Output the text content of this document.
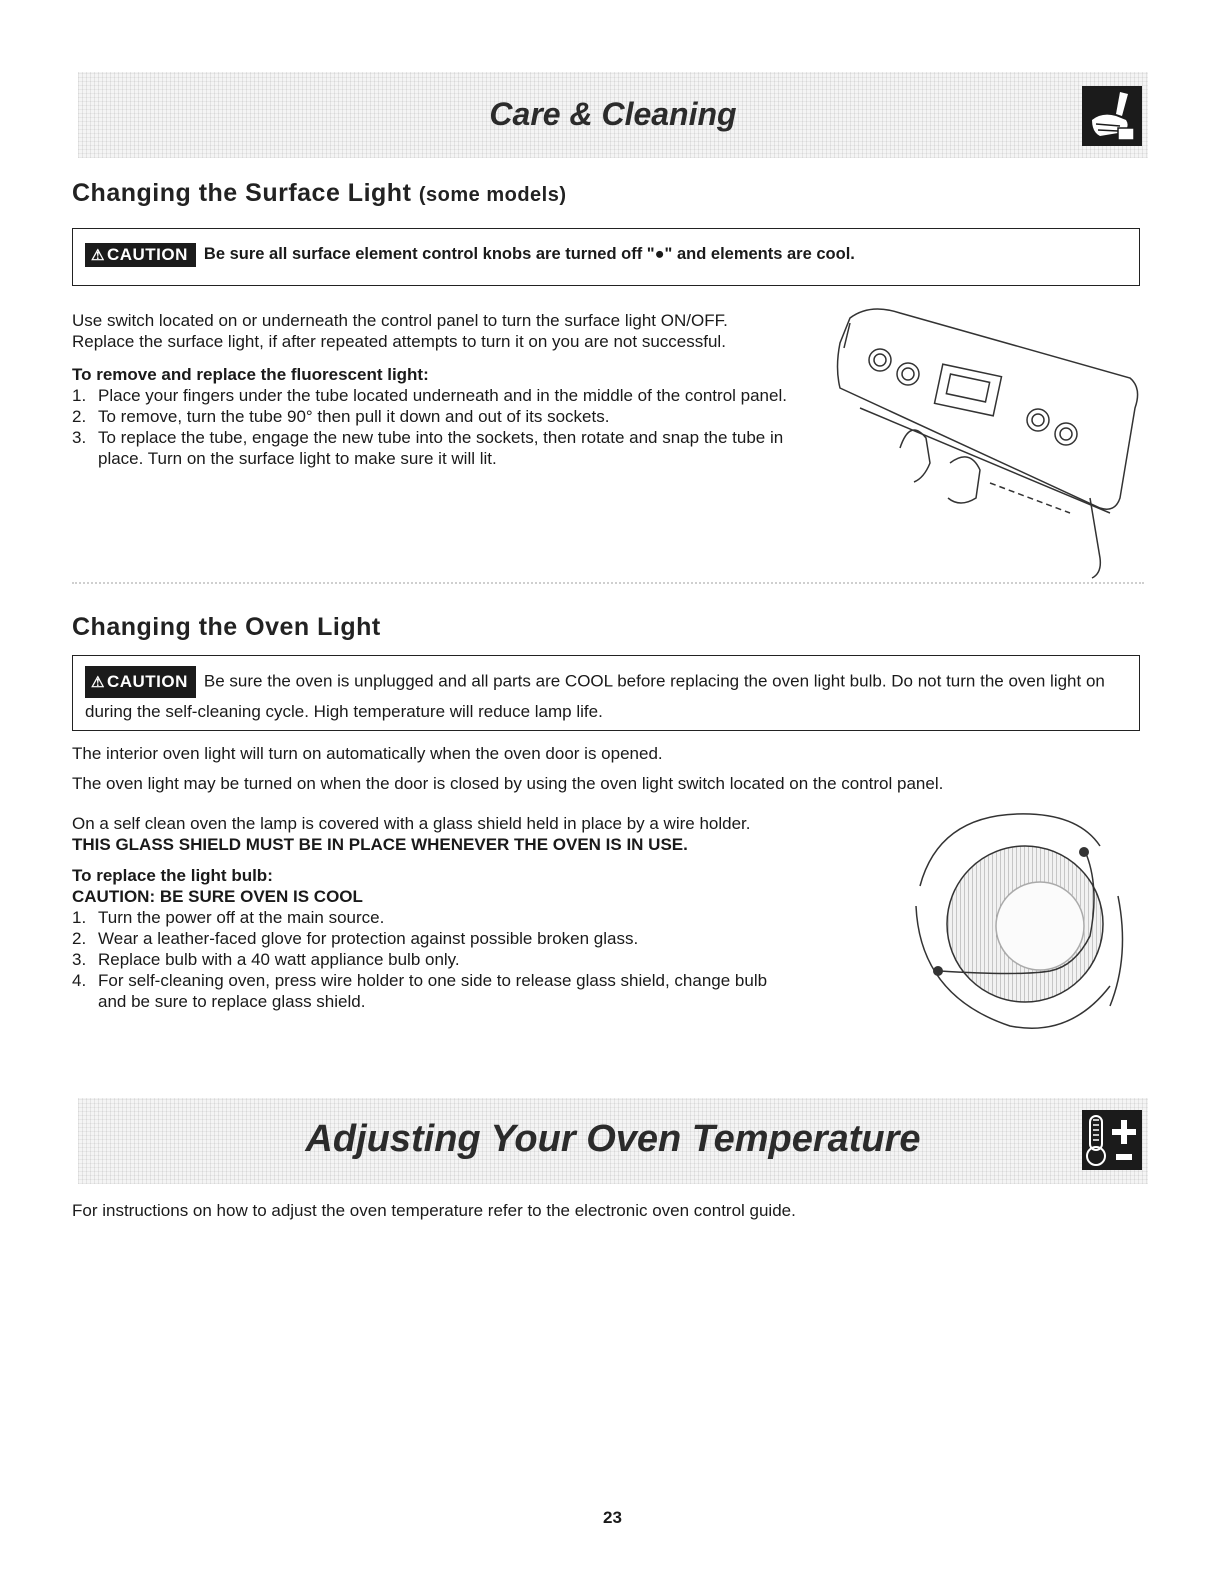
Care & Cleaning
Changing the Surface Light (some models)
⚠ CAUTION Be sure all surface element control knobs are turned off "●" and elements are cool.

Use switch located on or underneath the control panel to turn the surface light ON/OFF.

Replace the surface light, if after repeated attempts to turn it on you are not successful.

To remove and replace the fluorescent light:

1. Place your fingers under the tube located underneath and in the middle of the control panel.
2. To remove, turn the tube 90° then pull it down and out of its sockets.
3. To replace the tube, engage the new tube into the sockets, then rotate and snap the tube in place. Turn on the surface light to make sure it will lit.
Changing the Oven Light

⚠ CAUTION Be sure the oven is unplugged and all parts are COOL before replacing the oven light bulb. Do not turn the oven light on during the self-cleaning cycle. High temperature will reduce lamp life.

The interior oven light will turn on automatically when the oven door is opened.

The oven light may be turned on when the door is closed by using the oven light switch located on the control panel.

On a self clean oven the lamp is covered with a glass shield held in place by a wire holder.

THIS GLASS SHIELD MUST BE IN PLACE WHENEVER THE OVEN IS IN USE.

To replace the light bulb:

CAUTION: BE SURE OVEN IS COOL

1. Turn the power off at the main source.
2. Wear a leather-faced glove for protection against possible broken glass.
3. Replace bulb with a 40 watt appliance bulb only.
4. For self-cleaning oven, press wire holder to one side to release glass shield, change bulb and be sure to replace glass shield.
Adjusting Your Oven Temperature
For instructions on how to adjust the oven temperature refer to the electronic oven control guide.
23
